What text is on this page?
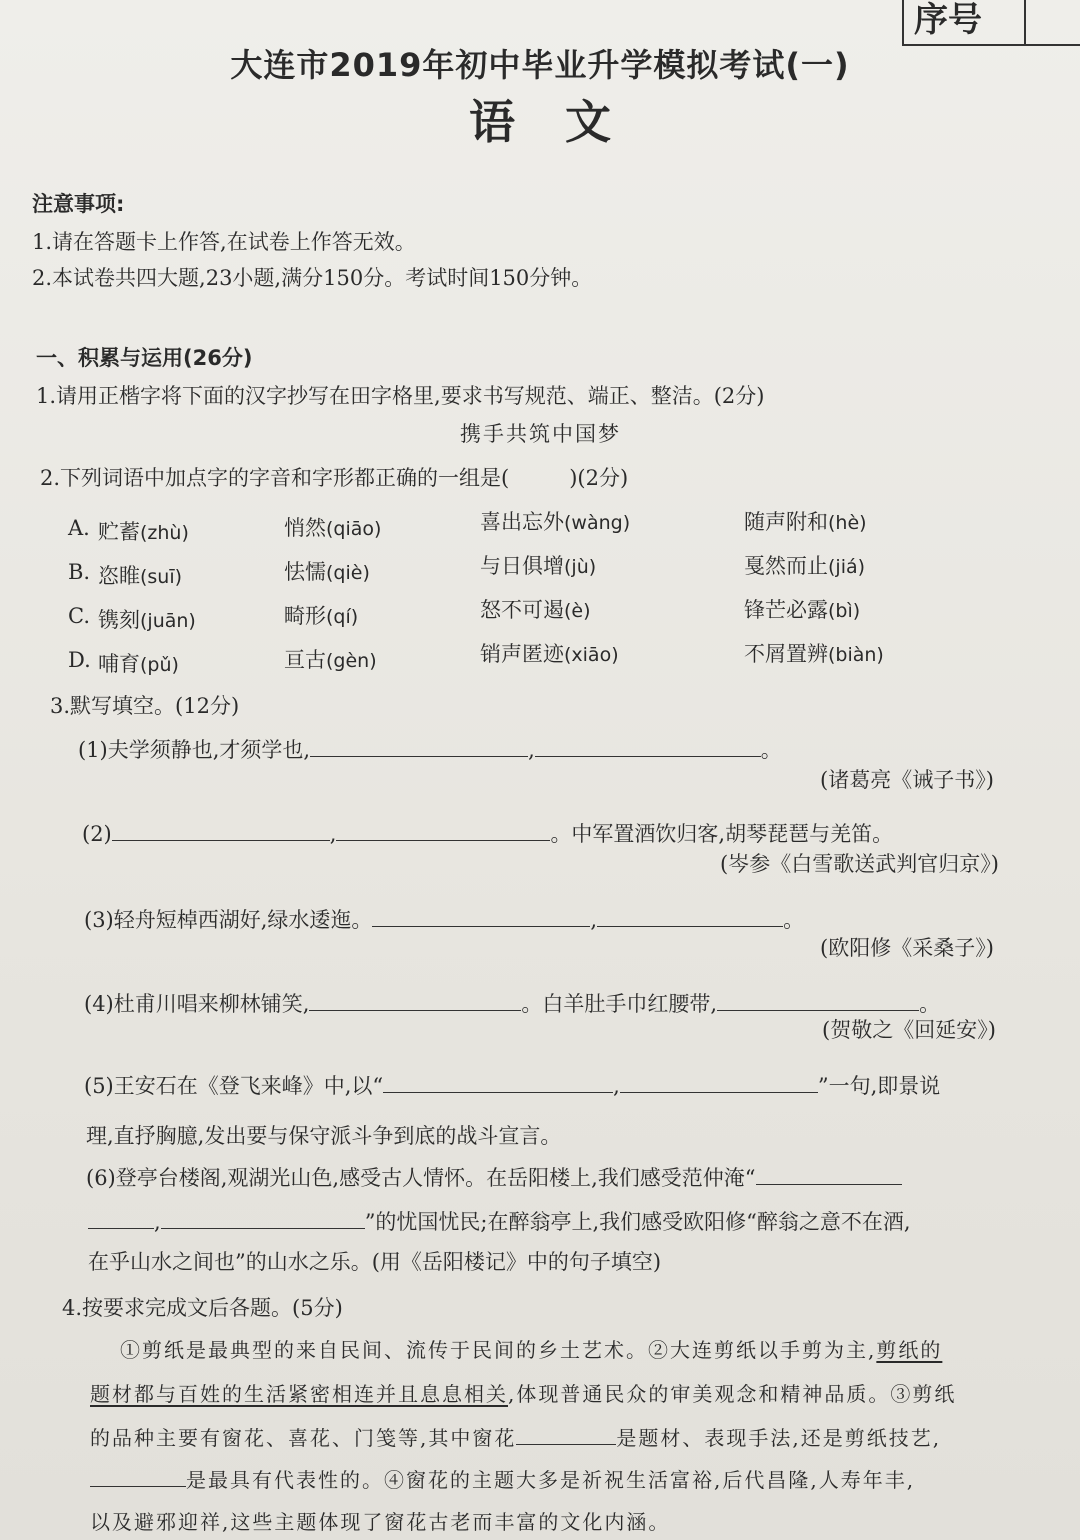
序号
大连市2019年初中毕业升学模拟考试(一)
语文
注意事项:
1.请在答题卡上作答,在试卷上作答无效。
2.本试卷共四大题,23小题,满分150分。考试时间150分钟。
一、积累与运用(26分)
1.请用正楷字将下面的汉字抄写在田字格里,要求书写规范、端正、整洁。(2分)
携手共筑中国梦
2.下列词语中加点字的字音和字形都正确的一组是(	)(2分)
A. 贮蓄(zhù)	悄然(qiāo)	喜出忘外(wàng)	随声附和(hè)
B. 恣睢(suī)	怯懦(qiè)	与日俱增(jù)	戛然而止(jiá)
C. 镌刻(juān)	畸形(qí)	怒不可遏(è)	锋芒必露(bì)
D. 哺育(pǔ)	亘古(gèn)	销声匿迹(xiāo)	不屑置辨(biàn)
3.默写填空。(12分)
(1)夫学须静也,才须学也,	,	。
(诸葛亮《诫子书》)
(2)	,	。中军置酒饮归客,胡琴琵琶与羌笛。
(岑参《白雪歌送武判官归京》)
(3)轻舟短棹西湖好,绿水逶迤。	,	。
(欧阳修《采桑子》)
(4)杜甫川唱来柳林铺笑,	。白羊肚手巾红腰带,	。
(贺敬之《回延安》)
(5)王安石在《登飞来峰》中,以“	,	”一句,即景说
理,直抒胸臆,发出要与保守派斗争到底的战斗宣言。
(6)登亭台楼阁,观湖光山色,感受古人情怀。在岳阳楼上,我们感受范仲淹“
,	”的忧国忧民;在醉翁亭上,我们感受欧阳修“醉翁之意不在酒,
在乎山水之间也”的山水之乐。(用《岳阳楼记》中的句子填空)
4.按要求完成文后各题。(5分)
①剪纸是最典型的来自民间、流传于民间的乡土艺术。②大连剪纸以手剪为主,剪纸的
题材都与百姓的生活紧密相连并且息息相关,体现普通民众的审美观念和精神品质。③剪纸
的品种主要有窗花、喜花、门笺等,其中窗花	是题材、表现手法,还是剪纸技艺,
是最具有代表性的。④窗花的主题大多是祈祝生活富裕,后代昌隆,人寿年丰,
以及避邪迎祥,这些主题体现了窗花古老而丰富的文化内涵。
